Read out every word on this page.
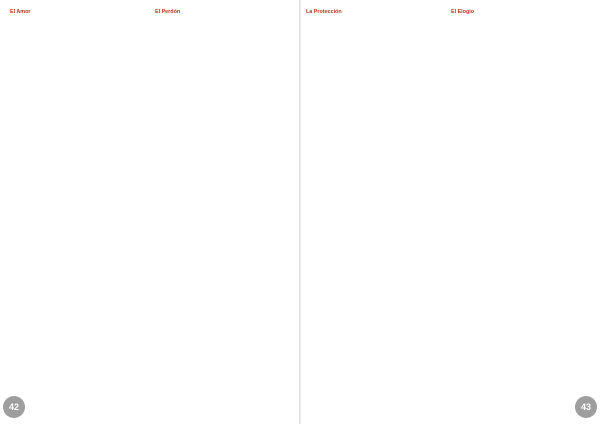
El Amor	El Perdón
42
La Protección	El Elogio
43
